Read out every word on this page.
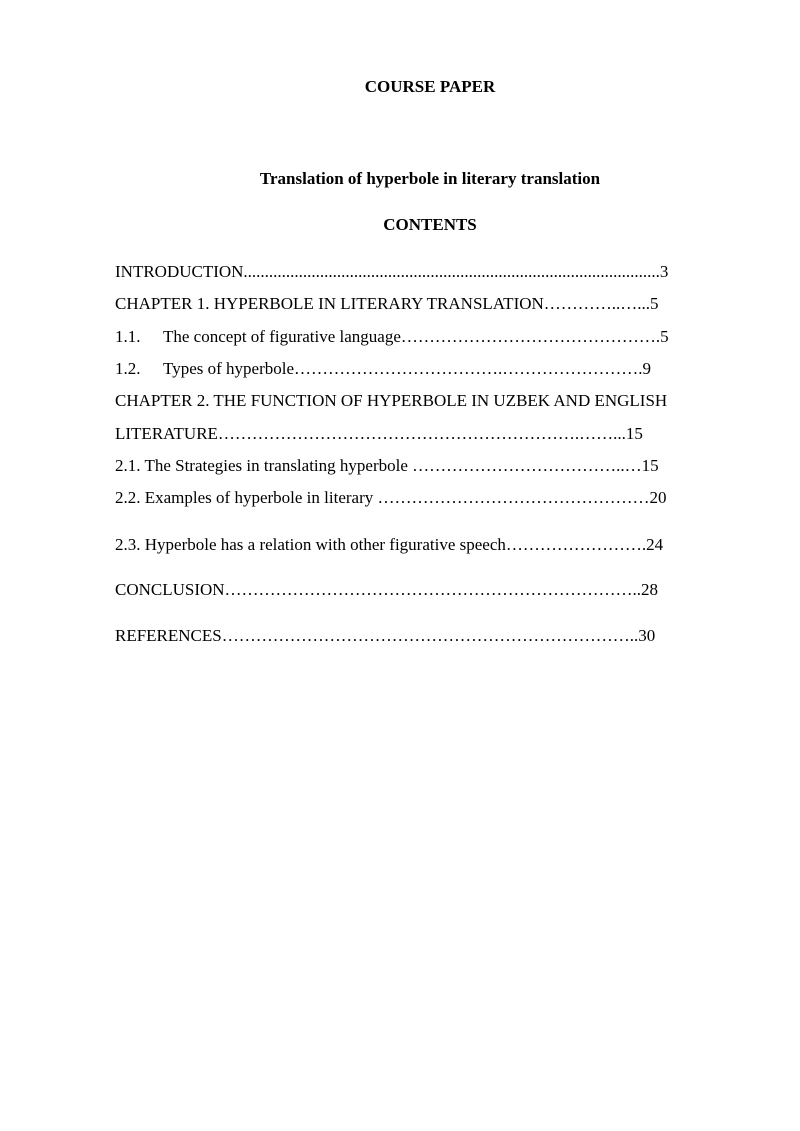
COURSE PAPER
Translation of hyperbole in literary translation
CONTENTS
INTRODUCTION..................................................................................................3
CHAPTER 1. HYPERBOLE IN LITERARY TRANSLATION…………..…...5
1.1. The concept of figurative language……………………………………….5
1.2. Types of hyperbole……………………………….…………………….9
CHAPTER 2. THE FUNCTION OF HYPERBOLE IN UZBEK AND ENGLISH
LITERATURE……………………………………………………….……...15
2.1. The Strategies in translating hyperbole ………………………………..…15
2.2. Examples of hyperbole in literary …………………………………………20
2.3. Hyperbole has a relation with other figurative speech…………………….24
CONCLUSION………………………………………………………………..28
REFERENCES………………………………………………………………..30
